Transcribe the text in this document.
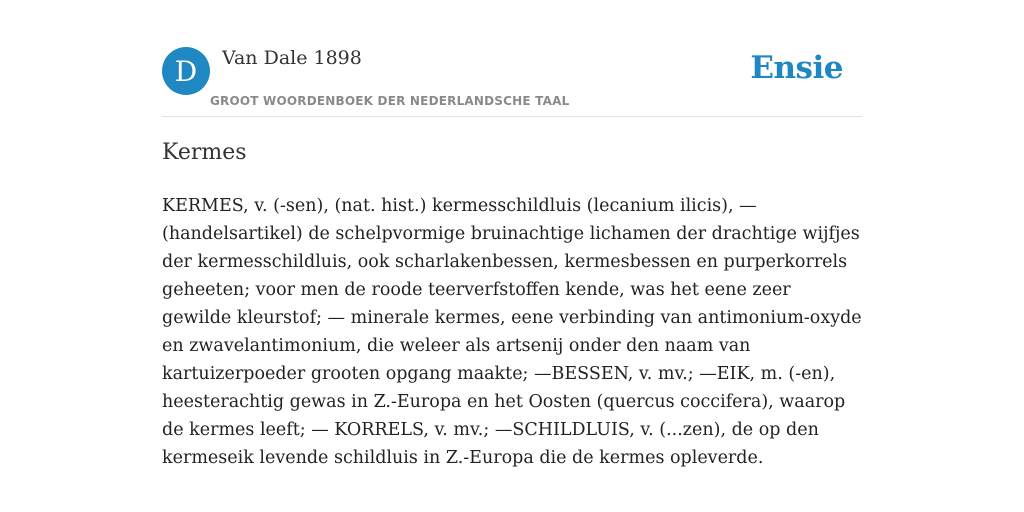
D	Van Dale 1898
GROOT WOORDENBOEK DER NEDERLANDSCHE TAAL
Ensie
Kermes

KERMES, v. (-sen), (nat. hist.) kermesschildluis (lecanium ilicis), — (handelsartikel) de schelpvormige bruinachtige lichamen der drachtige wijfjes der kermesschildluis, ook scharlakenbessen, kermesbessen en purperkorrels geheeten; voor men de roode teerverfstoffen kende, was het eene zeer gewilde kleurstof; — minerale kermes, eene verbinding van antimonium-oxyde en zwavelantimonium, die weleer als artsenij onder den naam van kartuizerpoeder grooten opgang maakte; —BESSEN, v. mv.; —EIK, m. (-en), heesterachtig gewas in Z.-Europa en het Oosten (quercus coccifera), waarop de kermes leeft; — KORRELS, v. mv.; —SCHILDLUIS, v. (...zen), de op den kermeseik levende schildluis in Z.-Europa die de kermes opleverde.
